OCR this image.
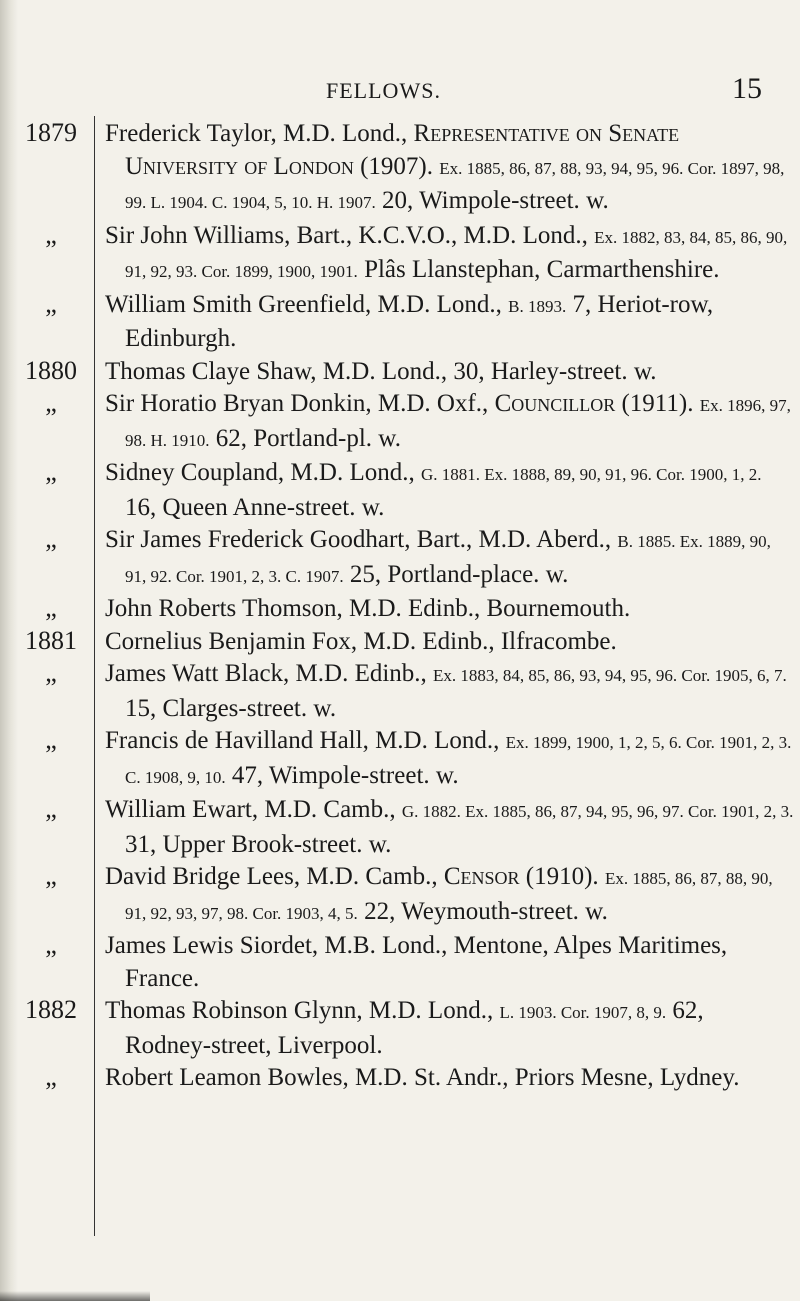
FELLOWS.	15
1879 Frederick Taylor, M.D. Lond., Representative on Senate University of London (1907). Ex. 1885, 86, 87, 88, 93, 94, 95, 96. Cor. 1897, 98, 99. L. 1904. C. 1904, 5, 10. H. 1907. 20, Wimpole-street. w.
„	Sir John Williams, Bart., K.C.V.O., M.D. Lond., Ex. 1882, 83, 84, 85, 86, 90, 91, 92, 93. Cor. 1899, 1900, 1901. Plâs Llanstephan, Carmarthenshire.
„	William Smith Greenfield, M.D. Lond., B. 1893. 7, Heriot-row, Edinburgh.
1880 Thomas Claye Shaw, M.D. Lond., 30, Harley-street. w.
„	Sir Horatio Bryan Donkin, M.D. Oxf., Councillor (1911). Ex. 1896, 97, 98. H. 1910. 62, Portland-pl. w.
„	Sidney Coupland, M.D. Lond., G. 1881. Ex. 1888, 89, 90, 91, 96. Cor. 1900, 1, 2. 16, Queen Anne-street. w.
„	Sir James Frederick Goodhart, Bart., M.D. Aberd., B. 1885. Ex. 1889, 90, 91, 92. Cor. 1901, 2, 3. C. 1907. 25, Portland-place. w.
„	John Roberts Thomson, M.D. Edinb., Bournemouth.
1881 Cornelius Benjamin Fox, M.D. Edinb., Ilfracombe.
„	James Watt Black, M.D. Edinb., Ex. 1883, 84, 85, 86, 93, 94, 95, 96. Cor. 1905, 6, 7. 15, Clarges-street. w.
„	Francis de Havilland Hall, M.D. Lond., Ex. 1899, 1900, 1, 2, 5, 6. Cor. 1901, 2, 3. C. 1908, 9, 10. 47, Wimpole-street. w.
„	William Ewart, M.D. Camb., G. 1882. Ex. 1885, 86, 87, 94, 95, 96, 97. Cor. 1901, 2, 3. 31, Upper Brook-street. w.
„	David Bridge Lees, M.D. Camb., Censor (1910). Ex. 1885, 86, 87, 88, 90, 91, 92, 93, 97, 98. Cor. 1903, 4, 5. 22, Weymouth-street. w.
„	James Lewis Siordet, M.B. Lond., Mentone, Alpes Maritimes, France.
1882 Thomas Robinson Glynn, M.D. Lond., L. 1903. Cor. 1907, 8, 9. 62, Rodney-street, Liverpool.
„	Robert Leamon Bowles, M.D. St. Andr., Priors Mesne, Lydney.
